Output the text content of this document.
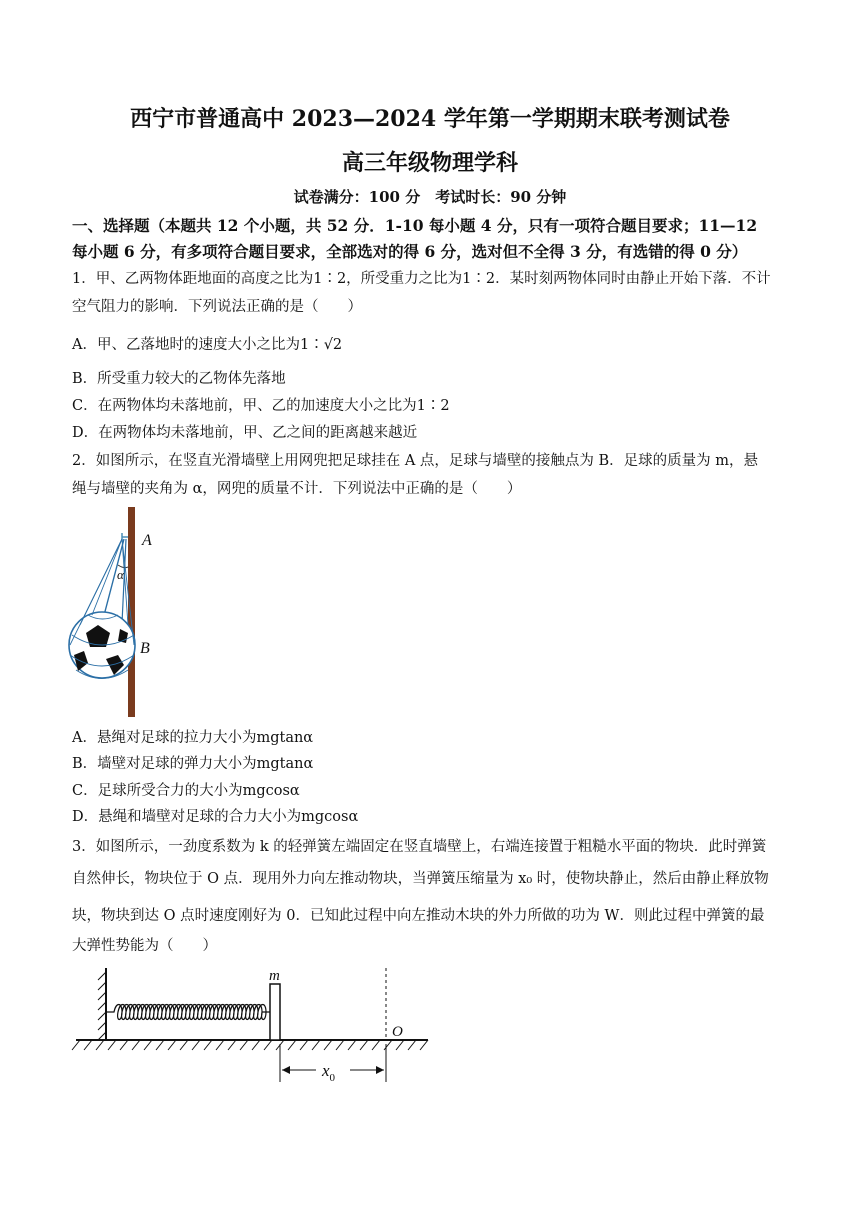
西宁市普通高中 2023—2024 学年第一学期期末联考测试卷
高三年级物理学科
试卷满分：100 分　考试时长：90 分钟
一、选择题（本题共 12 个小题，共 52 分．1-10 每小题 4 分，只有一项符合题目要求；11—12
每小题 6 分，有多项符合题目要求，全部选对的得 6 分，选对但不全得 3 分，有选错的得 0 分）
1．甲、乙两物体距地面的高度之比为1∶2，所受重力之比为1∶2．某时刻两物体同时由静止开始下落．不计
空气阻力的影响．下列说法正确的是（　　）
A．甲、乙落地时的速度大小之比为1∶√2
B．所受重力较大的乙物体先落地
C．在两物体均未落地前，甲、乙的加速度大小之比为1∶2
D．在两物体均未落地前，甲、乙之间的距离越来越近
2．如图所示，在竖直光滑墙壁上用网兜把足球挂在 A 点，足球与墙壁的接触点为 B．足球的质量为 m，悬
绳与墙壁的夹角为 α，网兜的质量不计．下列说法中正确的是（　　）
A
B
α
A．悬绳对足球的拉力大小为mgtanα
B．墙壁对足球的弹力大小为mgtanα
C．足球所受合力的大小为mgcosα
D．悬绳和墙壁对足球的合力大小为mgcosα
3．如图所示，一劲度系数为 k 的轻弹簧左端固定在竖直墙壁上，右端连接置于粗糙水平面的物块．此时弹簧
自然伸长，物块位于 O 点．现用外力向左推动物块，当弹簧压缩量为 x₀ 时，使物块静止，然后由静止释放物
块，物块到达 O 点时速度刚好为 0．已知此过程中向左推动木块的外力所做的功为 W．则此过程中弹簧的最
大弹性势能为（　　）
m
O
$x_0$
